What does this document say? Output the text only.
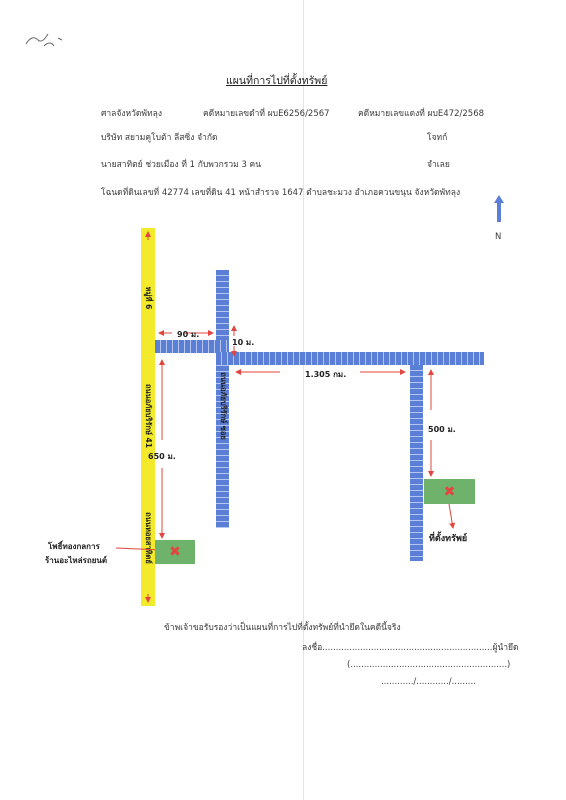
แผนที่การไปที่ตั้งทรัพย์
ศาลจังหวัดพัทลุง	คดีหมายเลขดำที่ ผบE6256/2567	คดีหมายเลขแดงที่ ผบE472/2568
บริษัท สยามคูโบต้า ลีสซิ่ง จำกัด	โจทก์
นายสาทิตย์ ช่วยเมือง ที่ 1 กับพวกรวม 3 คน	จำเลย
โฉนดที่ดินเลขที่ 42774 เลขที่ดิน 41 หน้าสำรวจ 1647 ตำบลชะมวง อำเภอควนขนุน จังหวัดพัทลุง
N
หมู่ที่ 6
ถนนอภัยบริรักษ์ 41
ถนนหอยสาทิตย์
ถนนอภัยบริรักษ์ ซอย
90 ม.
10 ม.
1.305 กม.
500 ม.
650 ม.
✖
✖
ที่ตั้งทรัพย์
โพธิ์ทองกลการ
ร้านอะไหล่รถยนต์
ข้าพเจ้าขอรับรองว่าเป็นแผนที่การไปที่ตั้งทรัพย์ที่นำยึดในคดีนี้จริง
ลงชื่อ...............................................................ผู้นำยึด
(..........................................................)
............/............/.........
